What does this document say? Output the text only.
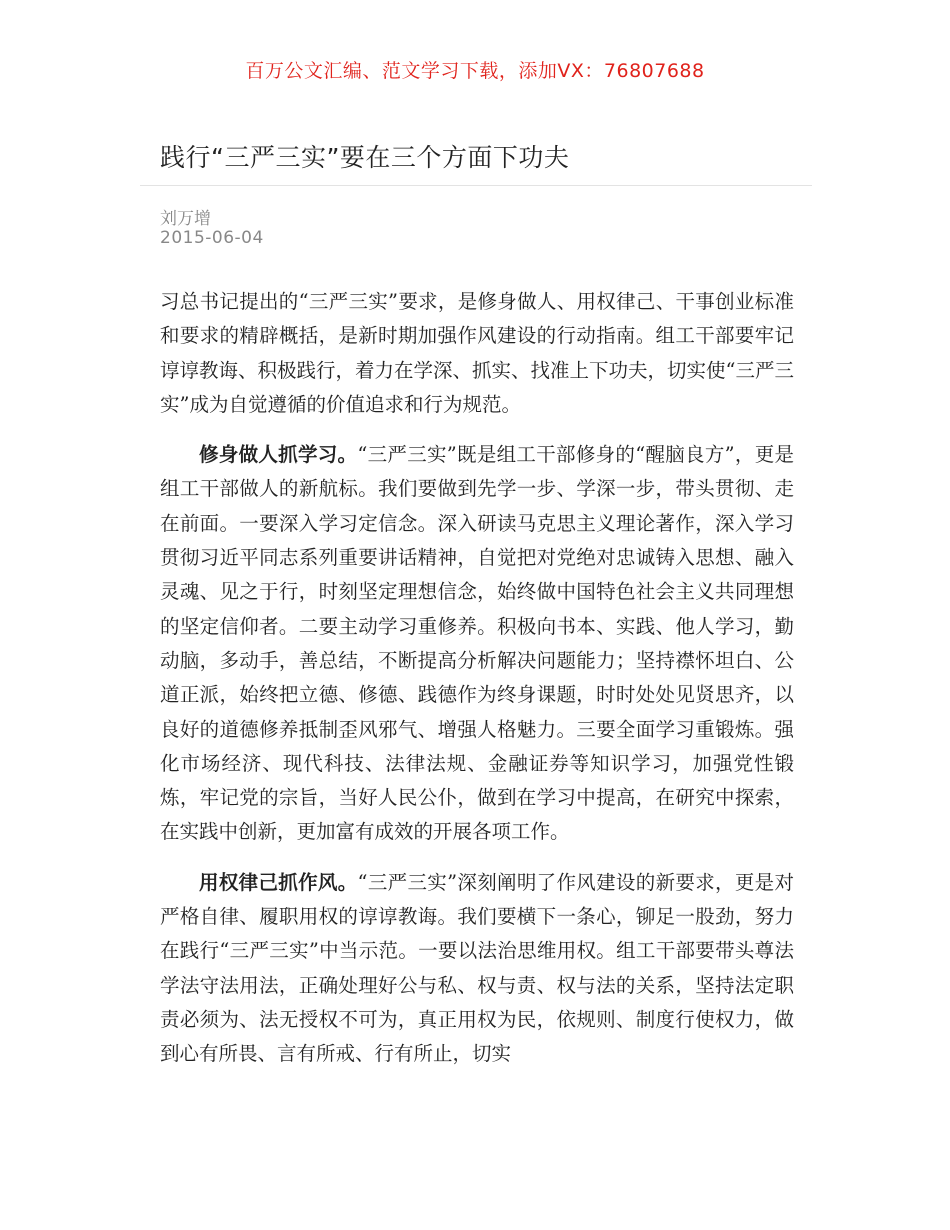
百万公文汇编、范文学习下载，添加VX：76807688
践行“三严三实”要在三个方面下功夫
刘万增
2015-06-04

习总书记提出的“三严三实”要求，是修身做人、用权律己、干事创业标准和要求的精辟概括，是新时期加强作风建设的行动指南。组工干部要牢记谆谆教诲、积极践行，着力在学深、抓实、找准上下功夫，切实使“三严三实”成为自觉遵循的价值追求和行为规范。

修身做人抓学习。“三严三实”既是组工干部修身的“醒脑良方”，更是组工干部做人的新航标。我们要做到先学一步、学深一步，带头贯彻、走在前面。一要深入学习定信念。深入研读马克思主义理论著作，深入学习贯彻习近平同志系列重要讲话精神，自觉把对党绝对忠诚铸入思想、融入灵魂、见之于行，时刻坚定理想信念，始终做中国特色社会主义共同理想的坚定信仰者。二要主动学习重修养。积极向书本、实践、他人学习，勤动脑，多动手，善总结，不断提高分析解决问题能力；坚持襟怀坦白、公道正派，始终把立德、修德、践德作为终身课题，时时处处见贤思齐，以良好的道德修养抵制歪风邪气、增强人格魅力。三要全面学习重锻炼。强化市场经济、现代科技、法律法规、金融证券等知识学习，加强党性锻炼，牢记党的宗旨，当好人民公仆，做到在学习中提高，在研究中探索，在实践中创新，更加富有成效的开展各项工作。

用权律己抓作风。“三严三实”深刻阐明了作风建设的新要求，更是对严格自律、履职用权的谆谆教诲。我们要横下一条心，铆足一股劲，努力在践行“三严三实”中当示范。一要以法治思维用权。组工干部要带头尊法学法守法用法，正确处理好公与私、权与责、权与法的关系，坚持法定职责必须为、法无授权不可为，真正用权为民，依规则、制度行使权力，做到心有所畏、言有所戒、行有所止，切实
